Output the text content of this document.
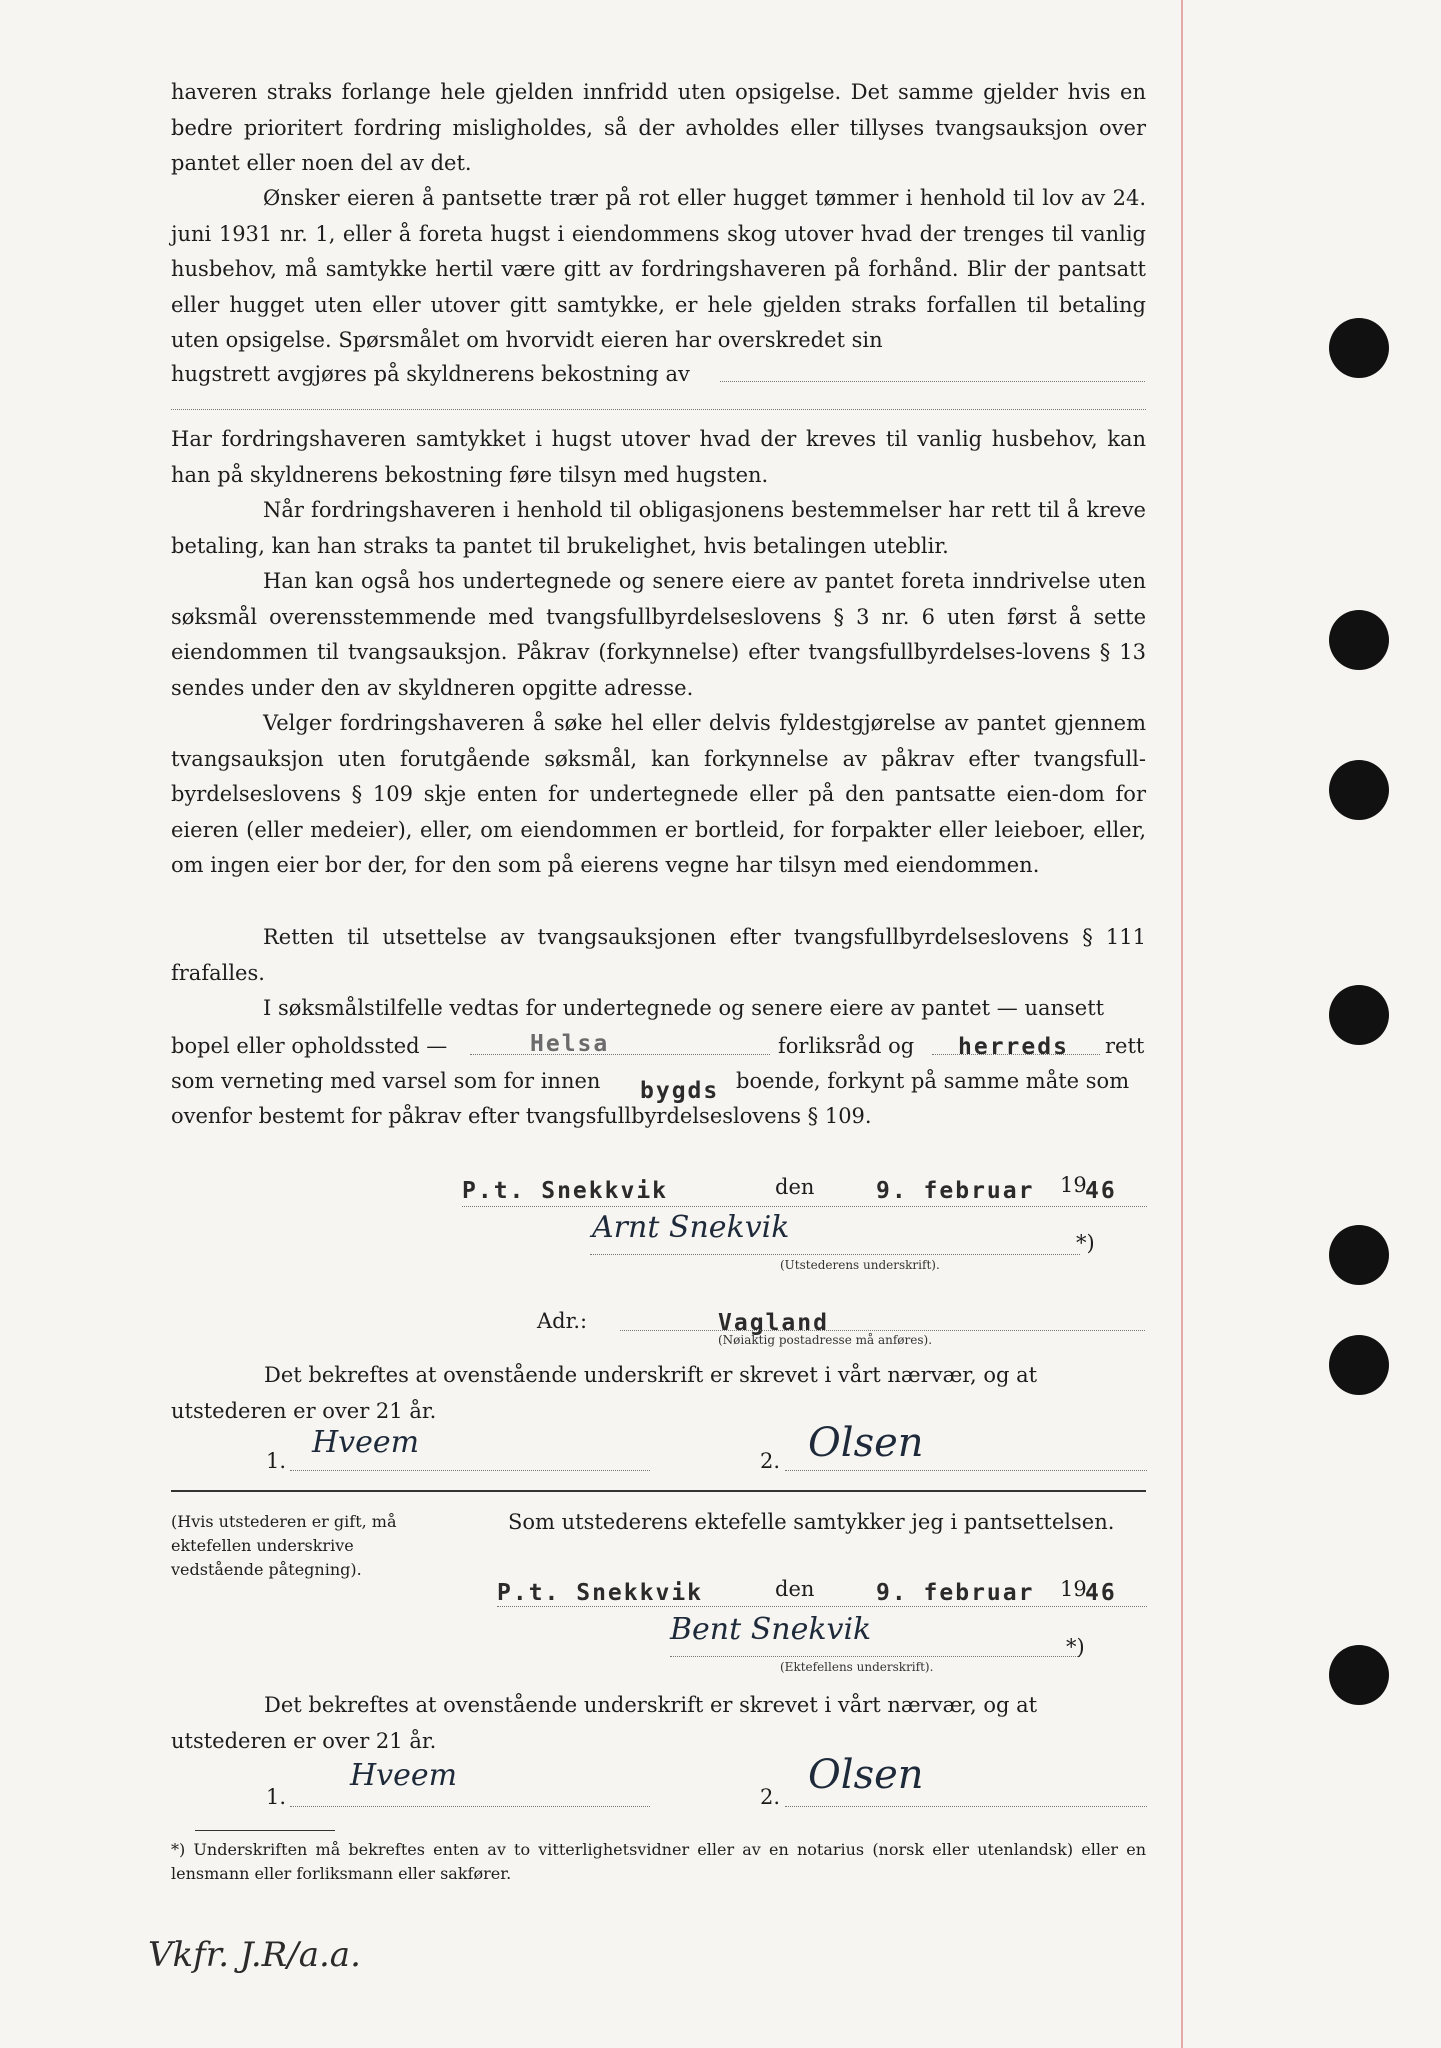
haveren straks forlange hele gjelden innfridd uten opsigelse. Det samme gjelder hvis en bedre prioritert fordring misligholdes, så der avholdes eller tillyses tvangsauksjon over pantet eller noen del av det.
Ønsker eieren å pantsette trær på rot eller hugget tømmer i henhold til lov av 24. juni 1931 nr. 1, eller å foreta hugst i eiendommens skog utover hvad der trenges til vanlig husbehov, må samtykke hertil være gitt av fordringshaveren på forhånd. Blir der pantsatt eller hugget uten eller utover gitt samtykke, er hele gjelden straks forfallen til betaling uten opsigelse. Spørsmålet om hvorvidt eieren har overskredet sin
hugstrett avgjøres på skyldnerens bekostning av
Har fordringshaveren samtykket i hugst utover hvad der kreves til vanlig husbehov, kan han på skyldnerens bekostning føre tilsyn med hugsten.
Når fordringshaveren i henhold til obligasjonens bestemmelser har rett til å kreve betaling, kan han straks ta pantet til brukelighet, hvis betalingen uteblir.
Han kan også hos undertegnede og senere eiere av pantet foreta inndrivelse uten søksmål overensstemmende med tvangsfullbyrdelseslovens § 3 nr. 6 uten først å sette eiendommen til tvangsauksjon. Påkrav (forkynnelse) efter tvangsfullbyrdelses-lovens § 13 sendes under den av skyldneren opgitte adresse.
Velger fordringshaveren å søke hel eller delvis fyldestgjørelse av pantet gjennem tvangsauksjon uten forutgående søksmål, kan forkynnelse av påkrav efter tvangsfull-byrdelseslovens § 109 skje enten for undertegnede eller på den pantsatte eien-dom for eieren (eller medeier), eller, om eiendommen er bortleid, for forpakter eller leieboer, eller, om ingen eier bor der, for den som på eierens vegne har tilsyn med eiendommen.
Retten til utsettelse av tvangsauksjonen efter tvangsfullbyrdelseslovens § 111 frafalles.
I søksmålstilfelle vedtas for undertegnede og senere eiere av pantet — uansett
bopel eller opholdssted —	Helsa	forliksråd og herreds rett
som verneting med varsel som for innen bygds boende, forkynt på samme måte som
ovenfor bestemt for påkrav efter tvangsfullbyrdelseslovens § 109.
P.t. Snekkvik	den	9. februar 19
46
Arnt Snekvik	*)
(Utstederens underskrift).
Adr.:	Vagland
(Nøiaktig postadresse må anføres).
Det bekreftes at ovenstående underskrift er skrevet i vårt nærvær, og at
utstederen er over 21 år.
1.
Hveem
2. Olsen
(Hvis utstederen er gift, må ektefellen underskrive vedstående påtegning).
Som utstederens ektefelle samtykker jeg i pantsettelsen.
P.t. Snekkvik	den	9. februar 19
46
Bent Snekvik	*)
(Ektefellens underskrift).
Det bekreftes at ovenstående underskrift er skrevet i vårt nærvær, og at
utstederen er over 21 år.
1.
Hveem
2. Olsen
*) Underskriften må bekreftes enten av to vitterlighetsvidner eller av en notarius (norsk eller utenlandsk) eller en lensmann eller forliksmann eller sakfører.
Vkfr. J.R/a.a.
